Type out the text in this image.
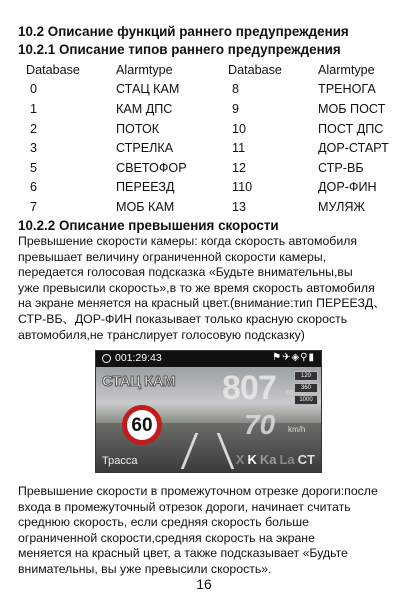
10.2 Описание функций раннего предупреждения
10.2.1 Описание типов раннего предупреждения
Database	Alarmtype	Database	Alarmtype
0	СТАЦ КАМ	8	ТРЕНОГА
1	КАМ ДПС	9	МОБ ПОСТ
2	ПОТОК	10	ПОСТ ДПС
3	СТРЕЛКА	11	ДОР-СТАРТ
5	СВЕТОФОР	12	СТР-ВБ
6	ПЕРЕЕЗД	110	ДОР-ФИН
7	МОБ КАМ	13	МУЛЯЖ
10.2.2 Описание превышения скорости

Превышение скорости камеры: когда скорость автомобиля
превышает величину ограниченной скорости камеры,
передается голосовая подсказка «Будьте внимательны,вы
уже превысили скорость»,в то же время скорость автомобиля
на экране меняется на красный цвет.(внимание:тип ПЕРЕЕЗД、
СТР-ВБ、ДОР-ФИН показывает только красную скорость
автомобиля,не транслирует голосовую подсказку)

001:29:43	⚑✈◈⚲▮
СТАЦ КАМ 807 m
120
360
1000
60	70 km/h
Трасса	X K Ka La CT

Превышение скорости в промежуточном отрезке дороги:после
входа в промежуточный отрезок дороги, начинает считать
среднюю скорость, если средняя скорость больше
ограниченной скорости,средняя скорость на экране
меняется на красный цвет, а также подсказывает «Будьте
внимательны, вы уже превысили скорость».

16
